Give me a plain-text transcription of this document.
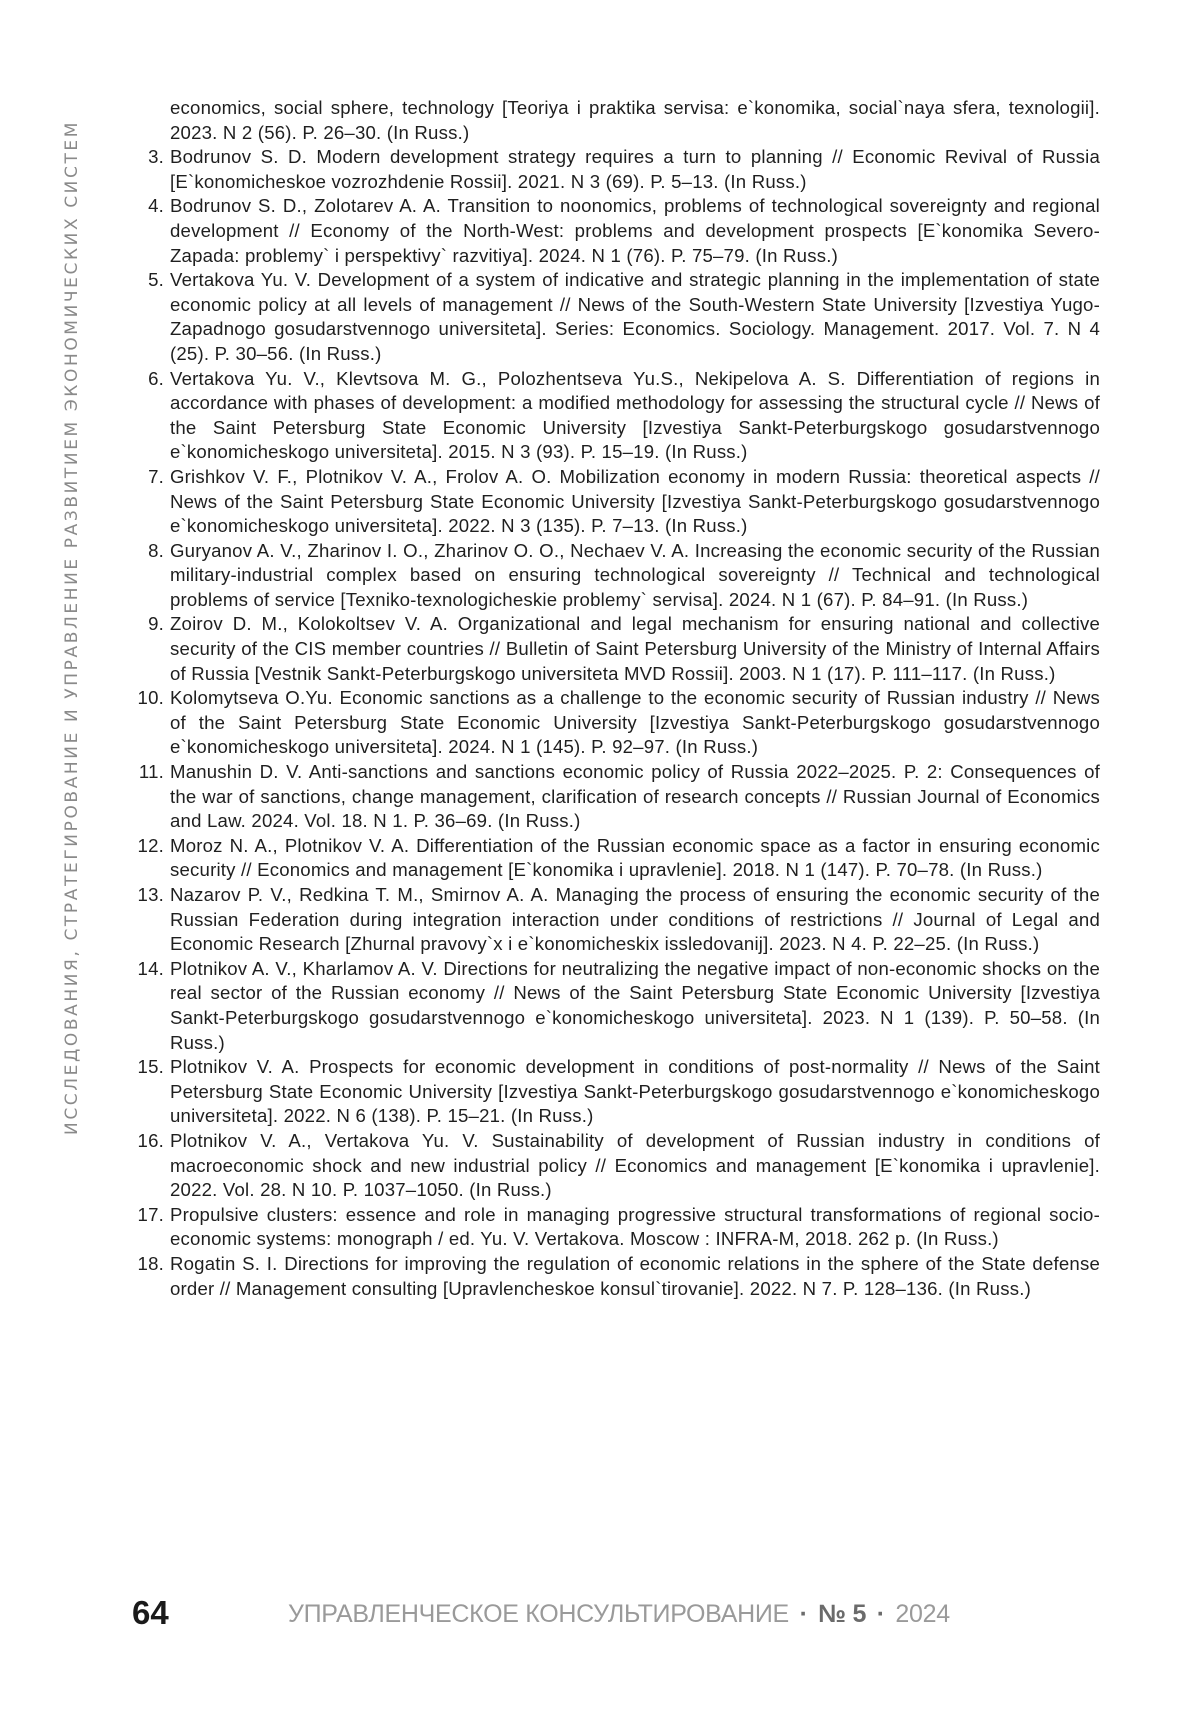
ИССЛЕДОВАНИЯ, СТРАТЕГИРОВАНИЕ И УПРАВЛЕНИЕ РАЗВИТИЕМ ЭКОНОМИЧЕСКИХ СИСТЕМ
economics, social sphere, technology [Teoriya i praktika servisa: e`konomika, social`naya sfera, texnologii]. 2023. N 2 (56). P. 26–30. (In Russ.)
3. Bodrunov S. D. Modern development strategy requires a turn to planning // Economic Revival of Russia [E`konomicheskoe vozrozhdenie Rossii]. 2021. N 3 (69). P. 5–13. (In Russ.)
4. Bodrunov S. D., Zolotarev A. A. Transition to noonomics, problems of technological sovereignty and regional development // Economy of the North-West: problems and development prospects [E`konomika Severo-Zapada: problemy` i perspektivy` razvitiya]. 2024. N 1 (76). P. 75–79. (In Russ.)
5. Vertakova Yu. V. Development of a system of indicative and strategic planning in the implementation of state economic policy at all levels of management // News of the South-Western State University [Izvestiya Yugo-Zapadnogo gosudarstvennogo universiteta]. Series: Economics. Sociology. Management. 2017. Vol. 7. N 4 (25). P. 30–56. (In Russ.)
6. Vertakova Yu. V., Klevtsova M. G., Polozhentseva Yu.S., Nekipelova A. S. Differentiation of regions in accordance with phases of development: a modified methodology for assessing the structural cycle // News of the Saint Petersburg State Economic University [Izvestiya Sankt-Peterburgskogo gosudarstvennogo e`konomicheskogo universiteta]. 2015. N 3 (93). P. 15–19. (In Russ.)
7. Grishkov V. F., Plotnikov V. A., Frolov A. O. Mobilization economy in modern Russia: theoretical aspects // News of the Saint Petersburg State Economic University [Izvestiya Sankt-Peterburgskogo gosudarstvennogo e`konomicheskogo universiteta]. 2022. N 3 (135). P. 7–13. (In Russ.)
8. Guryanov A. V., Zharinov I. O., Zharinov O. O., Nechaev V. A. Increasing the economic security of the Russian military-industrial complex based on ensuring technological sovereignty // Technical and technological problems of service [Texniko-texnologicheskie problemy` servisa]. 2024. N 1 (67). P. 84–91. (In Russ.)
9. Zoirov D. M., Kolokoltsev V. A. Organizational and legal mechanism for ensuring national and collective security of the CIS member countries // Bulletin of Saint Petersburg University of the Ministry of Internal Affairs of Russia [Vestnik Sankt-Peterburgskogo universiteta MVD Rossii]. 2003. N 1 (17). P. 111–117. (In Russ.)
10. Kolomytseva O.Yu. Economic sanctions as a challenge to the economic security of Russian industry // News of the Saint Petersburg State Economic University [Izvestiya Sankt-Peterburgskogo gosudarstvennogo e`konomicheskogo universiteta]. 2024. N 1 (145). P. 92–97. (In Russ.)
11. Manushin D. V. Anti-sanctions and sanctions economic policy of Russia 2022–2025. P. 2: Consequences of the war of sanctions, change management, clarification of research concepts // Russian Journal of Economics and Law. 2024. Vol. 18. N 1. P. 36–69. (In Russ.)
12. Moroz N. A., Plotnikov V. A. Differentiation of the Russian economic space as a factor in ensuring economic security // Economics and management [E`konomika i upravlenie]. 2018. N 1 (147). P. 70–78. (In Russ.)
13. Nazarov P. V., Redkina T. M., Smirnov A. A. Managing the process of ensuring the economic security of the Russian Federation during integration interaction under conditions of restrictions // Journal of Legal and Economic Research [Zhurnal pravovy`x i e`konomicheskix issledovanij]. 2023. N 4. P. 22–25. (In Russ.)
14. Plotnikov A. V., Kharlamov A. V. Directions for neutralizing the negative impact of non-economic shocks on the real sector of the Russian economy // News of the Saint Petersburg State Economic University [Izvestiya Sankt-Peterburgskogo gosudarstvennogo e`konomicheskogo universiteta]. 2023. N 1 (139). P. 50–58. (In Russ.)
15. Plotnikov V. A. Prospects for economic development in conditions of post-normality // News of the Saint Petersburg State Economic University [Izvestiya Sankt-Peterburgskogo gosudarstvennogo e`konomicheskogo universiteta]. 2022. N 6 (138). P. 15–21. (In Russ.)
16. Plotnikov V. A., Vertakova Yu. V. Sustainability of development of Russian industry in conditions of macroeconomic shock and new industrial policy // Economics and management [E`konomika i upravlenie]. 2022. Vol. 28. N 10. P. 1037–1050. (In Russ.)
17. Propulsive clusters: essence and role in managing progressive structural transformations of regional socio-economic systems: monograph / ed. Yu. V. Vertakova. Moscow : INFRA-M, 2018. 262 p. (In Russ.)
18. Rogatin S. I. Directions for improving the regulation of economic relations in the sphere of the State defense order // Management consulting [Upravlencheskoe konsul`tirovanie]. 2022. N 7. P. 128–136. (In Russ.)
64	УПРАВЛЕНЧЕСКОЕ КОНСУЛЬТИРОВАНИЕ · № 5 · 2024
